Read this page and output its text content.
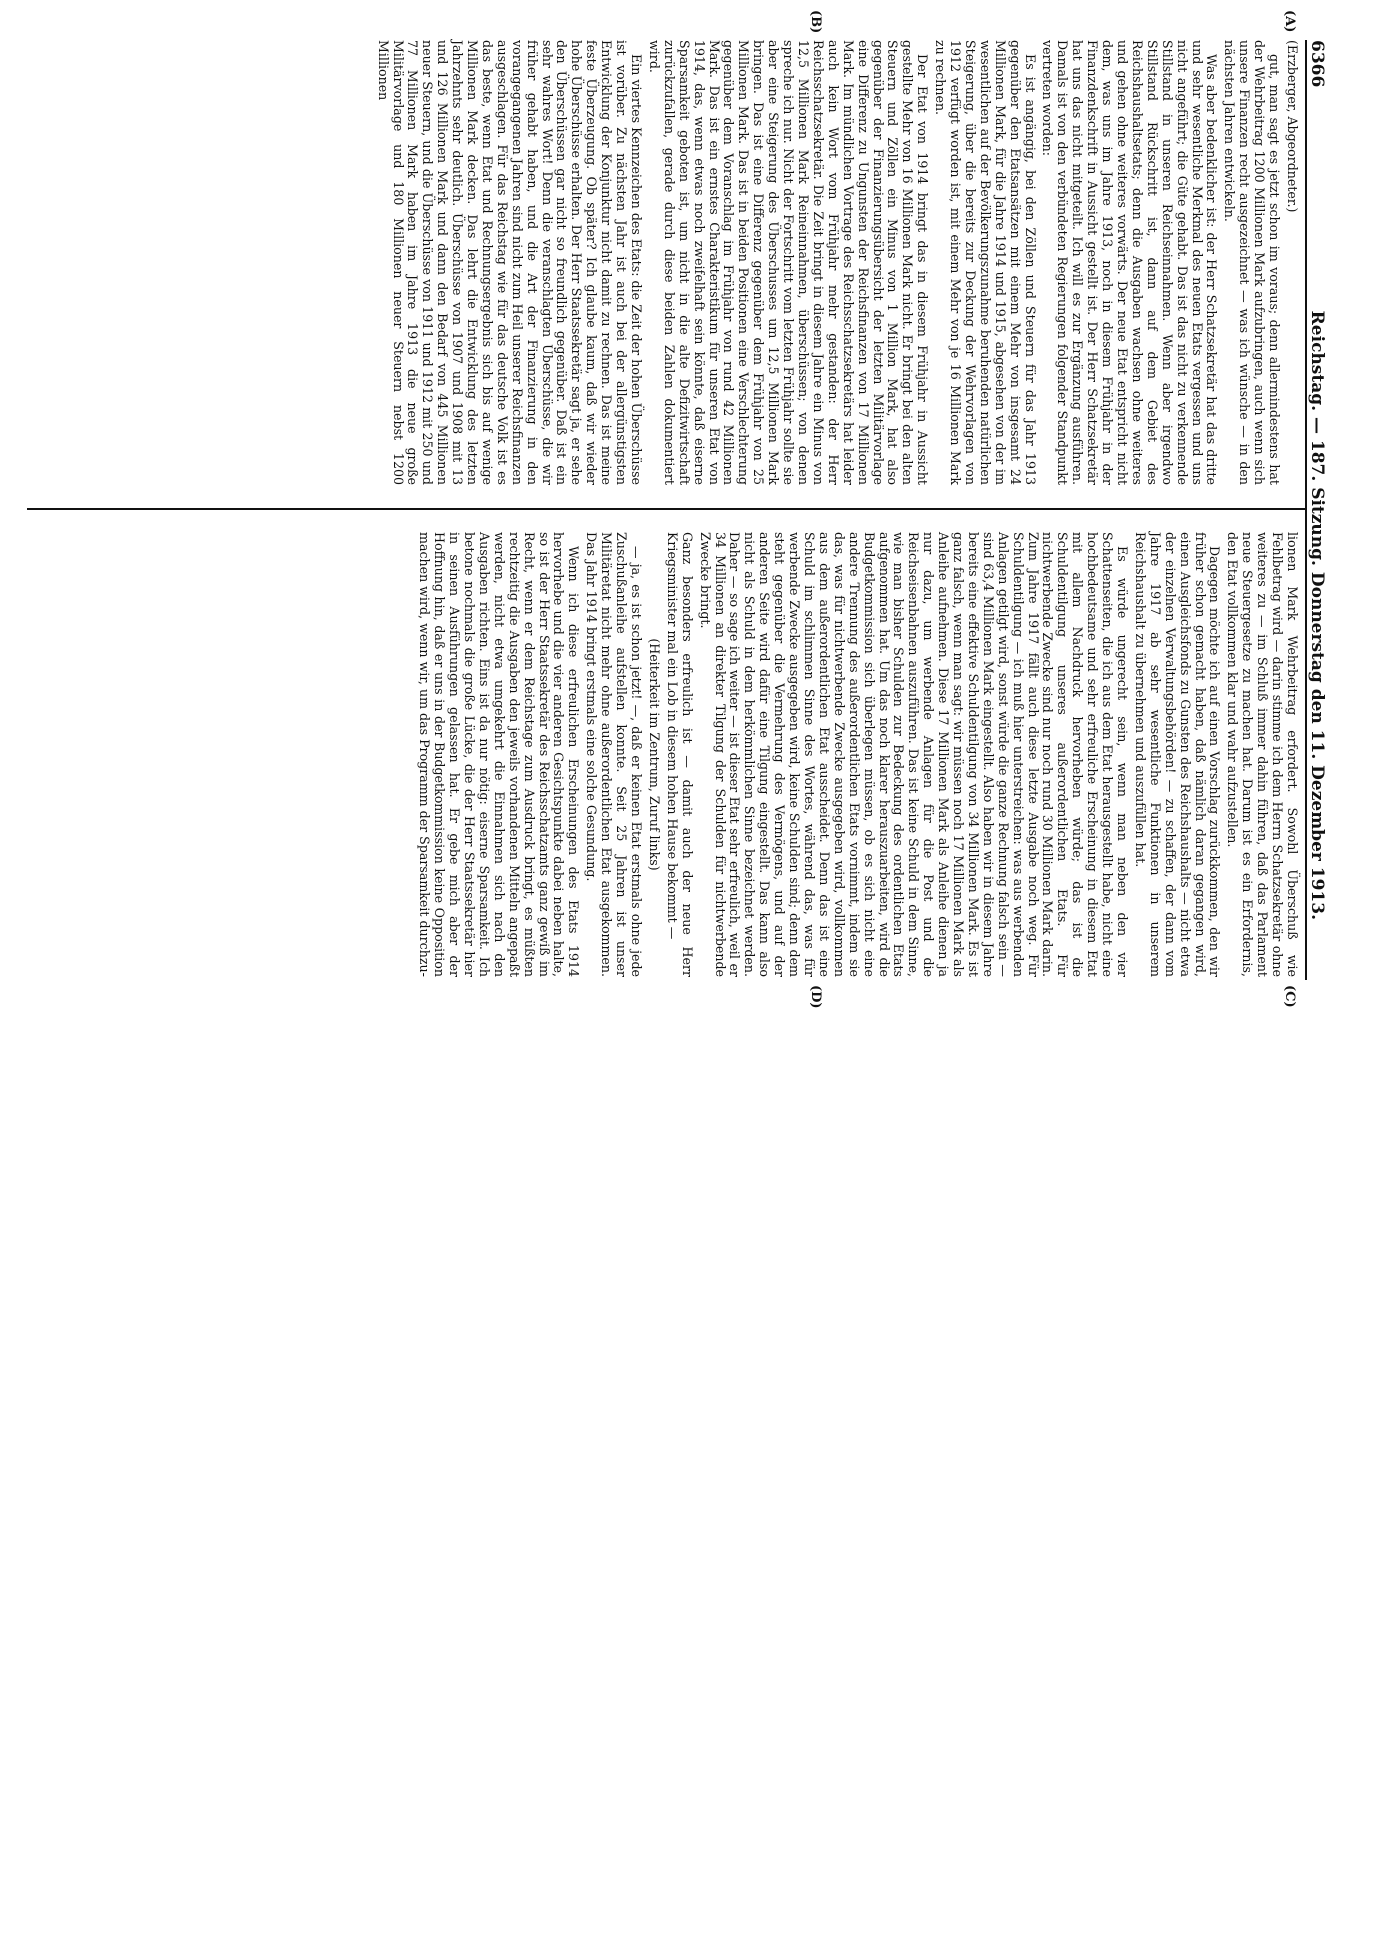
6366
Reichstag. — 187. Sitzung. Donnerstag den 11. Dezember 1913.
(A)
(B)
(C)
(D)

(Erzberger, Abgeordneter.)

gut, man sagt es jetzt schon im voraus; denn allermindestens hat der Wehrbeitrag 1200 Millionen Mark aufzubringen, auch wenn sich unsere Finanzen recht ausgezeichnet — was ich wünsche — in den nächsten Jahren entwickeln.

Was aber bedenklicher ist: der Herr Schatzsekretär hat das dritte und sehr wesentliche Merkmal des neuen Etats vergessen und uns nicht angeführt; die Güte gehabt. Das ist das nicht zu verkennende Stillstand in unseren Reichseinnahmen. Wenn aber irgendwo Stillstand Rückschritt ist, dann auf dem Gebiet des Reichshaushaltsetats; denn die Ausgaben wachsen ohne weiteres und gehen ohne weiteres vorwärts. Der neue Etat entspricht nicht dem, was uns im Jahre 1913, noch in diesem Frühjahr in der Finanzdenkschrift in Aussicht gestellt ist. Der Herr Schatzsekretär hat uns das nicht mitgeteilt. Ich will es zur Ergänzung ausführen. Damals ist von den verbündeten Regierungen folgender Standpunkt vertreten worden:

Es ist angängig, bei den Zöllen und Steuern für das Jahr 1913 gegenüber den Etatsansätzen mit einem Mehr von insgesamt 24 Millionen Mark, für die Jahre 1914 und 1915, abgesehen von der im wesentlichen auf der Bevölkerungszunahme beruhenden natürlichen Steigerung, über die bereits zur Deckung der Wehrvorlagen von 1912 verfügt worden ist, mit einem Mehr von je 16 Millionen Mark zu rechnen.

Der Etat von 1914 bringt das in diesem Frühjahr in Aussicht gestellte Mehr von 16 Millionen Mark nicht. Er bringt bei den alten Steuern und Zöllen ein Minus von 1 Million Mark, hat also gegenüber der Finanzierungsübersicht der letzten Militärvorlage eine Differenz zu Ungunsten der Reichsfinanzen von 17 Millionen Mark. Im mündlichen Vortrage des Reichsschatzsekretärs hat leider auch kein Wort vom Frühjahr mehr gestanden: der Herr Reichsschatzsekretär. Die Zeit bringt in diesem Jahre ein Minus von 12,5 Millionen Mark Reineinnahmen, überschüssen; von denen spreche ich nur. Nicht der Fortschritt vom letzten Frühjahr sollte sie aber eine Steigerung des Überschusses um 12,5 Millionen Mark bringen. Das ist eine Differenz gegenüber dem Frühjahr von 25 Millionen Mark. Das ist in beiden Positionen eine Verschlechterung gegenüber dem Voranschlag im Frühjahr von rund 42 Millionen Mark. Das ist ein ernstes Charakteristikum für unseren Etat von 1914, das, wenn etwas noch zweifelhaft sein könnte, daß eiserne Sparsamkeit geboten ist, um nicht in die alte Defizitwirtschaft zurückzufallen, gerade durch diese beiden Zahlen dokumentiert wird.

Ein viertes Kennzeichen des Etats: die Zeit der hohen Überschüsse ist vorüber. Zu nächsten Jahr ist auch bei der allergünstigsten Entwicklung der Konjunktur nicht damit zu rechnen. Das ist meine feste Überzeugung. Ob später? Ich glaube kaum, daß wir wieder hohe Überschüsse erhalten. Der Herr Staatssekretär sagt ja, er sehe den Überschüssen gar nicht so freundlich gegenüber. Daß ist ein sehr wahres Wort! Denn die veranschlagten Überschüsse, die wir früher gehabt haben, und die Art der Finanzierung in den vorangegangenen Jahren sind nicht zum Heil unserer Reichsfinanzen ausgeschlagen. Für das Reichstag wie für das deutsche Volk ist es das beste, wenn Etat und Rechnungsergebnis sich bis auf wenige Millionen Mark decken. Das lehrt die Entwicklung des letzten Jahrzehnts sehr deutlich. Überschüsse von 1907 und 1908 mit 13 und 126 Millionen Mark und dann den Bedarf von 445 Millionen neuer Steuern, und die Überschüsse von 1911 und 1912 mit 250 und 77 Millionen Mark haben im Jahre 1913 die neue große Militärvorlage und 180 Millionen neuer Steuern nebst 1200 Millionen

lionen Mark Wehrbeitrag erfordert. Sowohl Überschuß wie Fehlbetrag wird — darin stimme ich dem Herrn Schatzsekretär ohne weiteres zu — im Schluß immer dahin führen, daß das Parlament neue Steuergesetze zu machen hat. Darum ist es ein Erfordernis, den Etat vollkommen klar und wahr aufzustellen.

Dagegen möchte ich auf einen Vorschlag zurückkommen, den wir früher schon gemacht haben, daß nämlich daran gegangen wird, einen Ausgleichsfonds zu Gunsten des Reichshaushalts — nicht etwa der einzelnen Verwaltungsbehörden! — zu schaffen, der dann vom Jahre 1917 ab sehr wesentliche Funktionen in unserem Reichshaushalt zu übernehmen und auszufüllen hat.

Es würde ungerecht sein, wenn man neben den vier Schattenseiten, die ich aus dem Etat herausgestellt habe, nicht eine hochbedeutsame und sehr erfreuliche Erscheinung in diesem Etat mit allem Nachdruck hervorheben würde; das ist die Schuldentilgung unseres außerordentlichen Etats. Für nichtwerbende Zwecke sind nur noch rund 30 Millionen Mark darin. Zum Jahre 1917 fällt auch diese letzte Ausgabe noch weg. Für Schuldentilgung — ich muß hier unterstreichen: was aus werbenden Anlagen getilgt wird, sonst würde die ganze Rechnung falsch sein — sind 63,4 Millionen Mark eingestellt. Also haben wir in diesem Jahre bereits eine effektive Schuldentilgung von 34 Millionen Mark. Es ist ganz falsch, wenn man sagt: wir müssen noch 17 Millionen Mark als Anleihe aufnehmen. Diese 17 Millionen Mark als Anleihe dienen ja nur dazu, um werbende Anlagen für die Post und die Reichseisenbahnen auszuführen. Das ist keine Schuld in dem Sinne, wie man bisher Schulden zur Bedeckung des ordentlichen Etats aufgenommen hat. Um das noch klarer herauszuarbeiten, wird die Budgetkommission sich überlegen müssen, ob es sich nicht eine andere Trennung des außerordentlichen Etats vornimmt, indem sie das, was für nichtwerbende Zwecke ausgegeben wird, vollkommen aus dem außerordentlichen Etat ausscheidet. Denn das ist eine Schuld im schlimmen Sinne des Wortes, während das, was für werbende Zwecke ausgegeben wird, keine Schulden sind; denn dem steht gegenüber die Vermehrung des Vermögens, und auf der anderen Seite wird dafür eine Tilgung eingestellt. Das kann also nicht als Schuld in dem herkömmlichen Sinne bezeichnet werden. Daher — so sage ich weiter — ist dieser Etat sehr erfreulich, weil er 34 Millionen an direkter Tilgung der Schulden für nichtwerbende Zwecke bringt.

Ganz besonders erfreulich ist — damit auch der neue Herr Kriegsminister mal ein Lob in diesem hohen Hause bekommt —

(Heiterkeit im Zentrum, Zuruf links)

— ja, es ist schon jetzt! —, daß er keinen Etat erstmals ohne jede Zuschußanleihe aufstellen konnte. Seit 25 Jahren ist unser Militäretat nicht mehr ohne außerordentlichen Etat ausgekommen. Das Jahr 1914 bringt erstmals eine solche Gesundung.

Wenn ich diese erfreulichen Erscheinungen des Etats 1914 hervorhebe und die vier anderen Gesichtspunkte dabei neben halte, so ist der Herr Staatssekretär des Reichsschatzamts ganz gewiß im Recht, wenn er dem Reichstage zum Ausdruck bringt, es müßten rechtzeitig die Ausgaben den jeweils vorhandenen Mitteln angepaßt werden, nicht etwa umgekehrt die Einnahmen sich nach den Ausgaben richten. Eins ist da nur nötig: eiserne Sparsamkeit. Ich betone nochmals die große Lücke, die der Herr Staatssekretär hier in seinen Ausführungen gelassen hat. Er gebe mich aber der Hoffnung hin, daß er uns in der Budgetkommission keine Opposition machen wird, wenn wir, um das Programm der Sparsamkeit durchzu-
